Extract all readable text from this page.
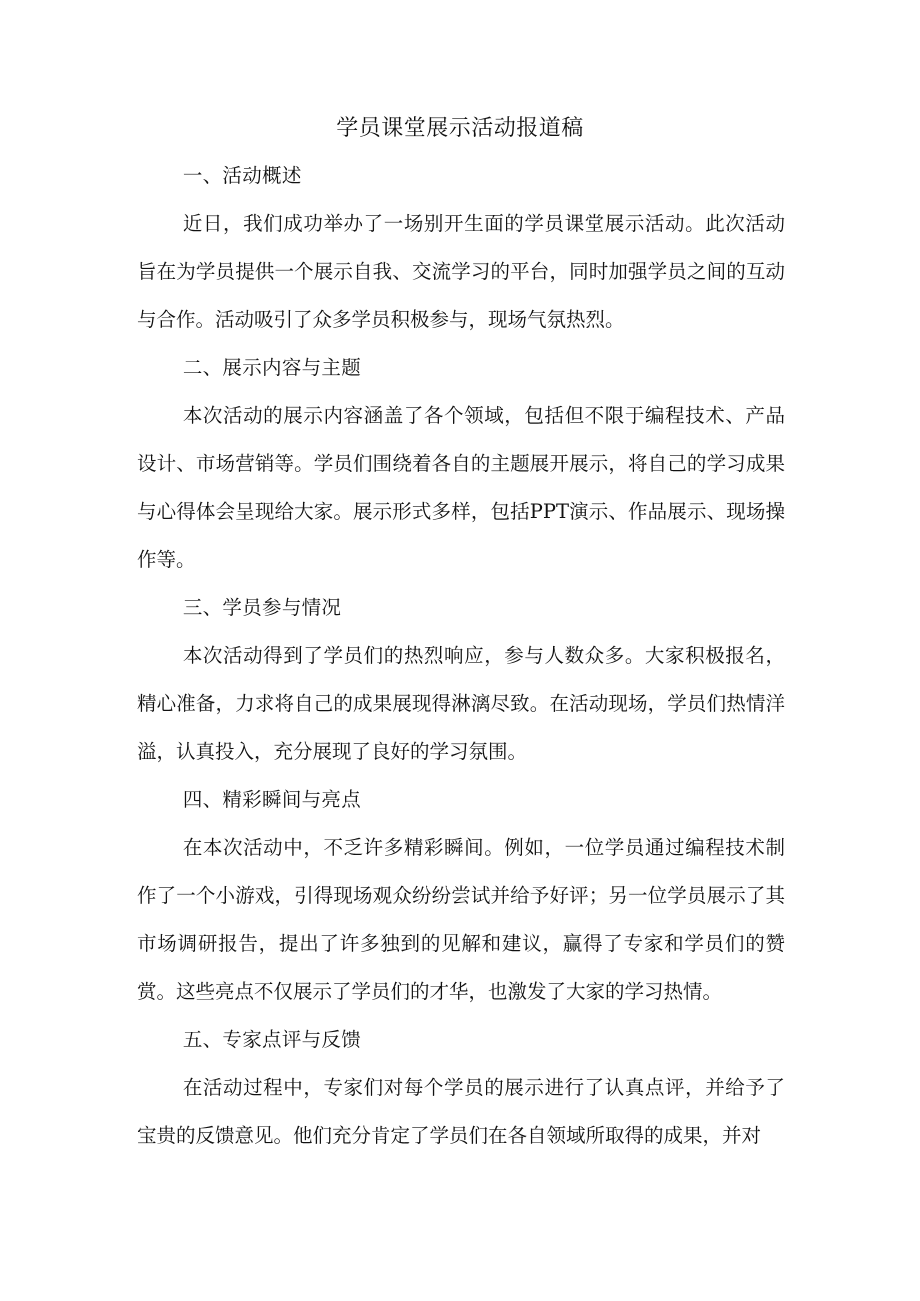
学员课堂展示活动报道稿

一、活动概述

近日，我们成功举办了一场别开生面的学员课堂展示活动。此次活动旨在为学员提供一个展示自我、交流学习的平台，同时加强学员之间的互动与合作。活动吸引了众多学员积极参与，现场气氛热烈。

二、展示内容与主题

本次活动的展示内容涵盖了各个领域，包括但不限于编程技术、产品设计、市场营销等。学员们围绕着各自的主题展开展示，将自己的学习成果与心得体会呈现给大家。展示形式多样，包括PPT演示、作品展示、现场操作等。

三、学员参与情况

本次活动得到了学员们的热烈响应，参与人数众多。大家积极报名，精心准备，力求将自己的成果展现得淋漓尽致。在活动现场，学员们热情洋溢，认真投入，充分展现了良好的学习氛围。

四、精彩瞬间与亮点

在本次活动中，不乏许多精彩瞬间。例如，一位学员通过编程技术制作了一个小游戏，引得现场观众纷纷尝试并给予好评；另一位学员展示了其市场调研报告，提出了许多独到的见解和建议，赢得了专家和学员们的赞赏。这些亮点不仅展示了学员们的才华，也激发了大家的学习热情。

五、专家点评与反馈

在活动过程中，专家们对每个学员的展示进行了认真点评，并给予了宝贵的反馈意见。他们充分肯定了学员们在各自领域所取得的成果，并对
